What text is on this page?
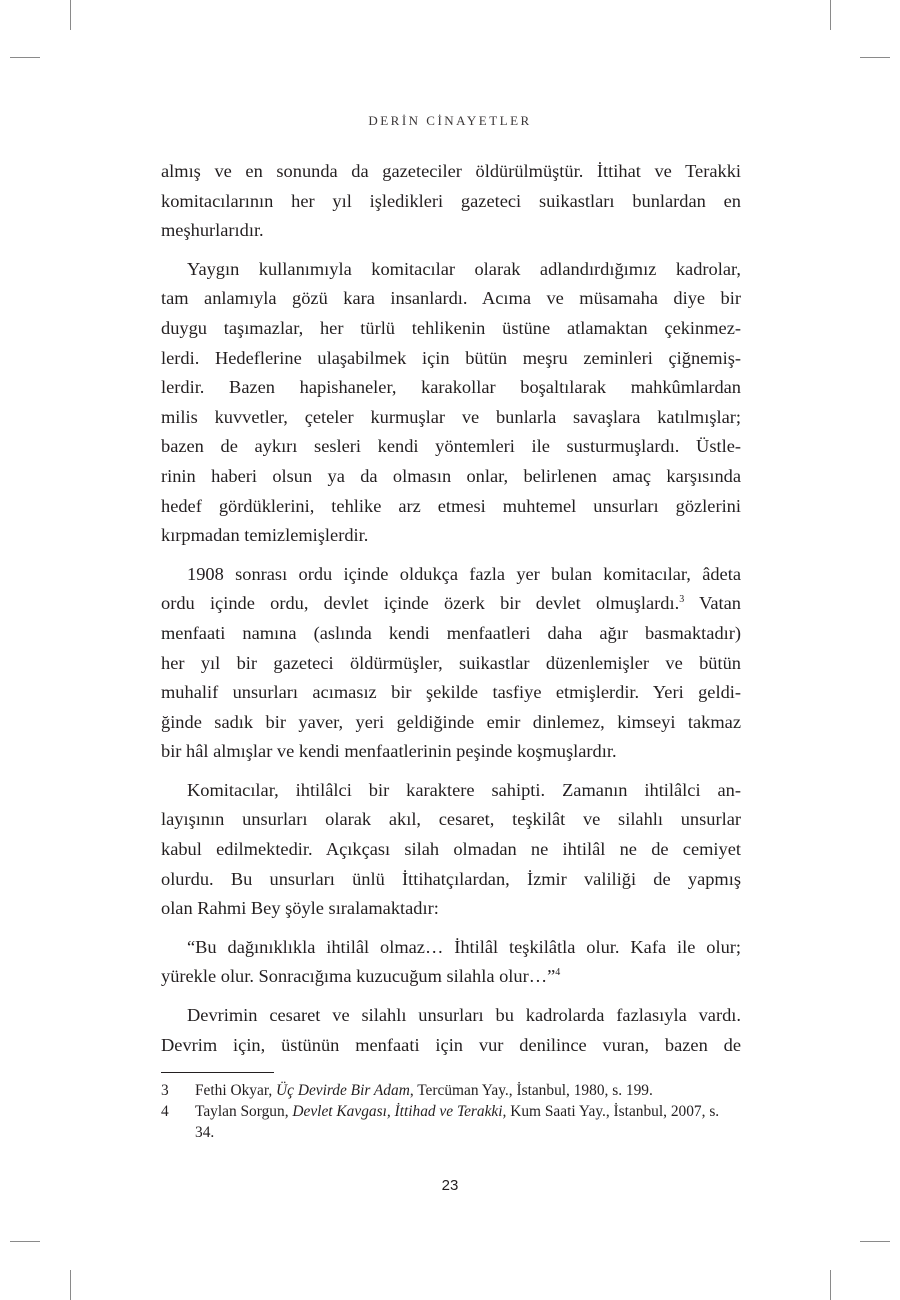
DERİN CİNAYETLER
almış ve en sonunda da gazeteciler öldürülmüştür. İttihat ve Terakki
komitacılarının her yıl işledikleri gazeteci suikastları bunlardan en
meşhurlarıdır.
Yaygın kullanımıyla komitacılar olarak adlandırdığımız kadrolar,
tam anlamıyla gözü kara insanlardı. Acıma ve müsamaha diye bir
duygu taşımazlar, her türlü tehlikenin üstüne atlamaktan çekinmez-
lerdi. Hedeflerine ulaşabilmek için bütün meşru zeminleri çiğnemiş-
lerdir. Bazen hapishaneler, karakollar boşaltılarak mahkûmlardan
milis kuvvetler, çeteler kurmuşlar ve bunlarla savaşlara katılmışlar;
bazen de aykırı sesleri kendi yöntemleri ile susturmuşlardı. Üstle-
rinin haberi olsun ya da olmasın onlar, belirlenen amaç karşısında
hedef gördüklerini, tehlike arz etmesi muhtemel unsurları gözlerini
kırpmadan temizlemişlerdir.
1908 sonrası ordu içinde oldukça fazla yer bulan komitacılar, âdeta
ordu içinde ordu, devlet içinde özerk bir devlet olmuşlardı.$^3$ Vatan
menfaati namına (aslında kendi menfaatleri daha ağır basmaktadır)
her yıl bir gazeteci öldürmüşler, suikastlar düzenlemişler ve bütün
muhalif unsurları acımasız bir şekilde tasfiye etmişlerdir. Yeri geldi-
ğinde sadık bir yaver, yeri geldiğinde emir dinlemez, kimseyi takmaz
bir hâl almışlar ve kendi menfaatlerinin peşinde koşmuşlardır.
Komitacılar, ihtilâlci bir karaktere sahipti. Zamanın ihtilâlci an-
layışının unsurları olarak akıl, cesaret, teşkilât ve silahlı unsurlar
kabul edilmektedir. Açıkçası silah olmadan ne ihtilâl ne de cemiyet
olurdu. Bu unsurları ünlü İttihatçılardan, İzmir valiliği de yapmış
olan Rahmi Bey şöyle sıralamaktadır:
“Bu dağınıklıkla ihtilâl olmaz… İhtilâl teşkilâtla olur. Kafa ile olur;
yürekle olur. Sonracığıma kuzucuğum silahla olur…”$^4$
Devrimin cesaret ve silahlı unsurları bu kadrolarda fazlasıyla vardı.
Devrim için, üstünün menfaati için vur denilince vuran, bazen de
3 Fethi Okyar, Üç Devirde Bir Adam, Tercüman Yay., İstanbul, 1980, s. 199.
4 Taylan Sorgun, Devlet Kavgası, İttihad ve Terakki, Kum Saati Yay., İstanbul, 2007, s. 34.
23
